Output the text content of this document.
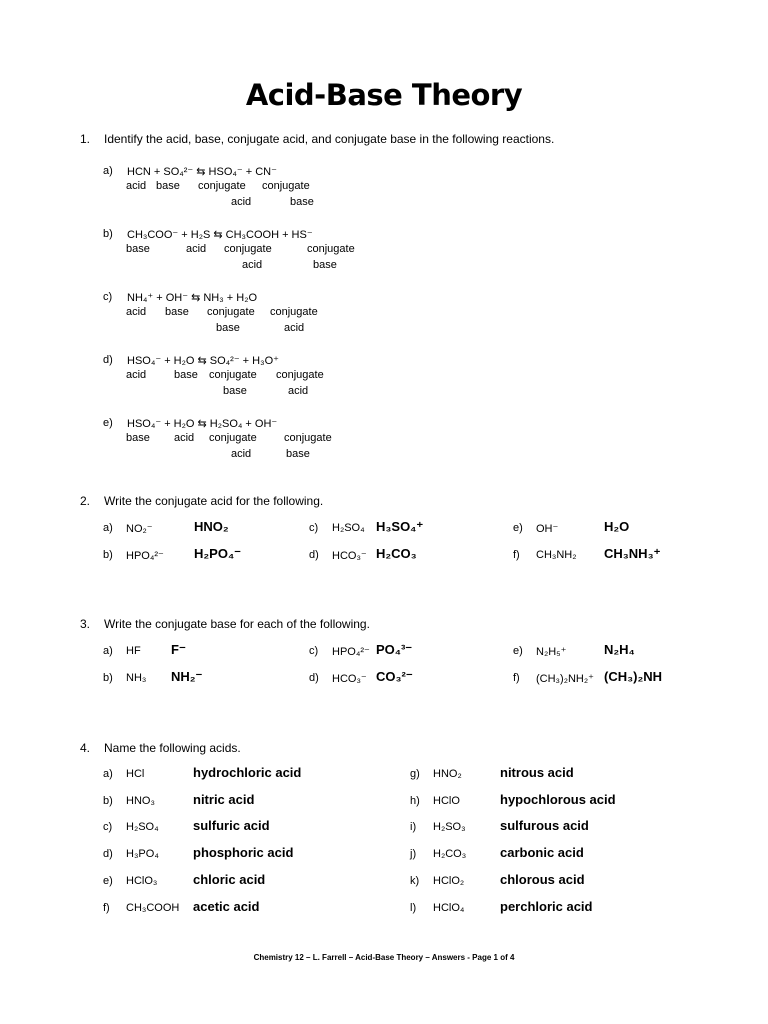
Acid-Base Theory
1. Identify the acid, base, conjugate acid, and conjugate base in the following reactions.
a) HCN + SO₄²⁻ ⇆ HSO₄⁻ + CN⁻
acid base conjugate conjugate
acid	base
b) CH₃COO⁻ + H₂S ⇆ CH₃COOH + HS⁻
base	acid conjugate	conjugate
acid	base
c) NH₄⁺ + OH⁻ ⇆ NH₃ + H₂O
acid base conjugate conjugate
base	acid
d) HSO₄⁻ + H₂O ⇆ SO₄²⁻ + H₃O⁺
acid	base conjugate conjugate
base	acid
e) HSO₄⁻ + H₂O ⇆ H₂SO₄ + OH⁻
base acid conjugate conjugate
acid	base
2. Write the conjugate acid for the following.
a) NO₂⁻	HNO₂	c) H₂SO₄ H₃SO₄⁺	e) OH⁻	H₂O
b) HPO₄²⁻ H₂PO₄⁻	d) HCO₃⁻ H₂CO₃	f) CH₃NH₂ CH₃NH₃⁺
3. Write the conjugate base for each of the following.
a) HF F⁻	c) HPO₄²⁻ PO₄³⁻	e) N₂H₅⁺	N₂H₄
b) NH₃ NH₂⁻	d) HCO₃⁻ CO₃²⁻	f) (CH₃)₂NH₂⁺ (CH₃)₂NH
4. Name the following acids.
a) HCl	hydrochloric acid
b) HNO₃	nitric acid
c) H₂SO₄	sulfuric acid
d) H₃PO₄	phosphoric acid
e) HClO₃	chloric acid
f) CH₃COOH acetic acid
g) HNO₂	nitrous acid
h) HClO	hypochlorous acid
i) H₂SO₃	sulfurous acid
j) H₂CO₃	carbonic acid
k) HClO₂	chlorous acid
l) HClO₄	perchloric acid
Chemistry 12 – L. Farrell – Acid-Base Theory – Answers - Page 1 of 4
